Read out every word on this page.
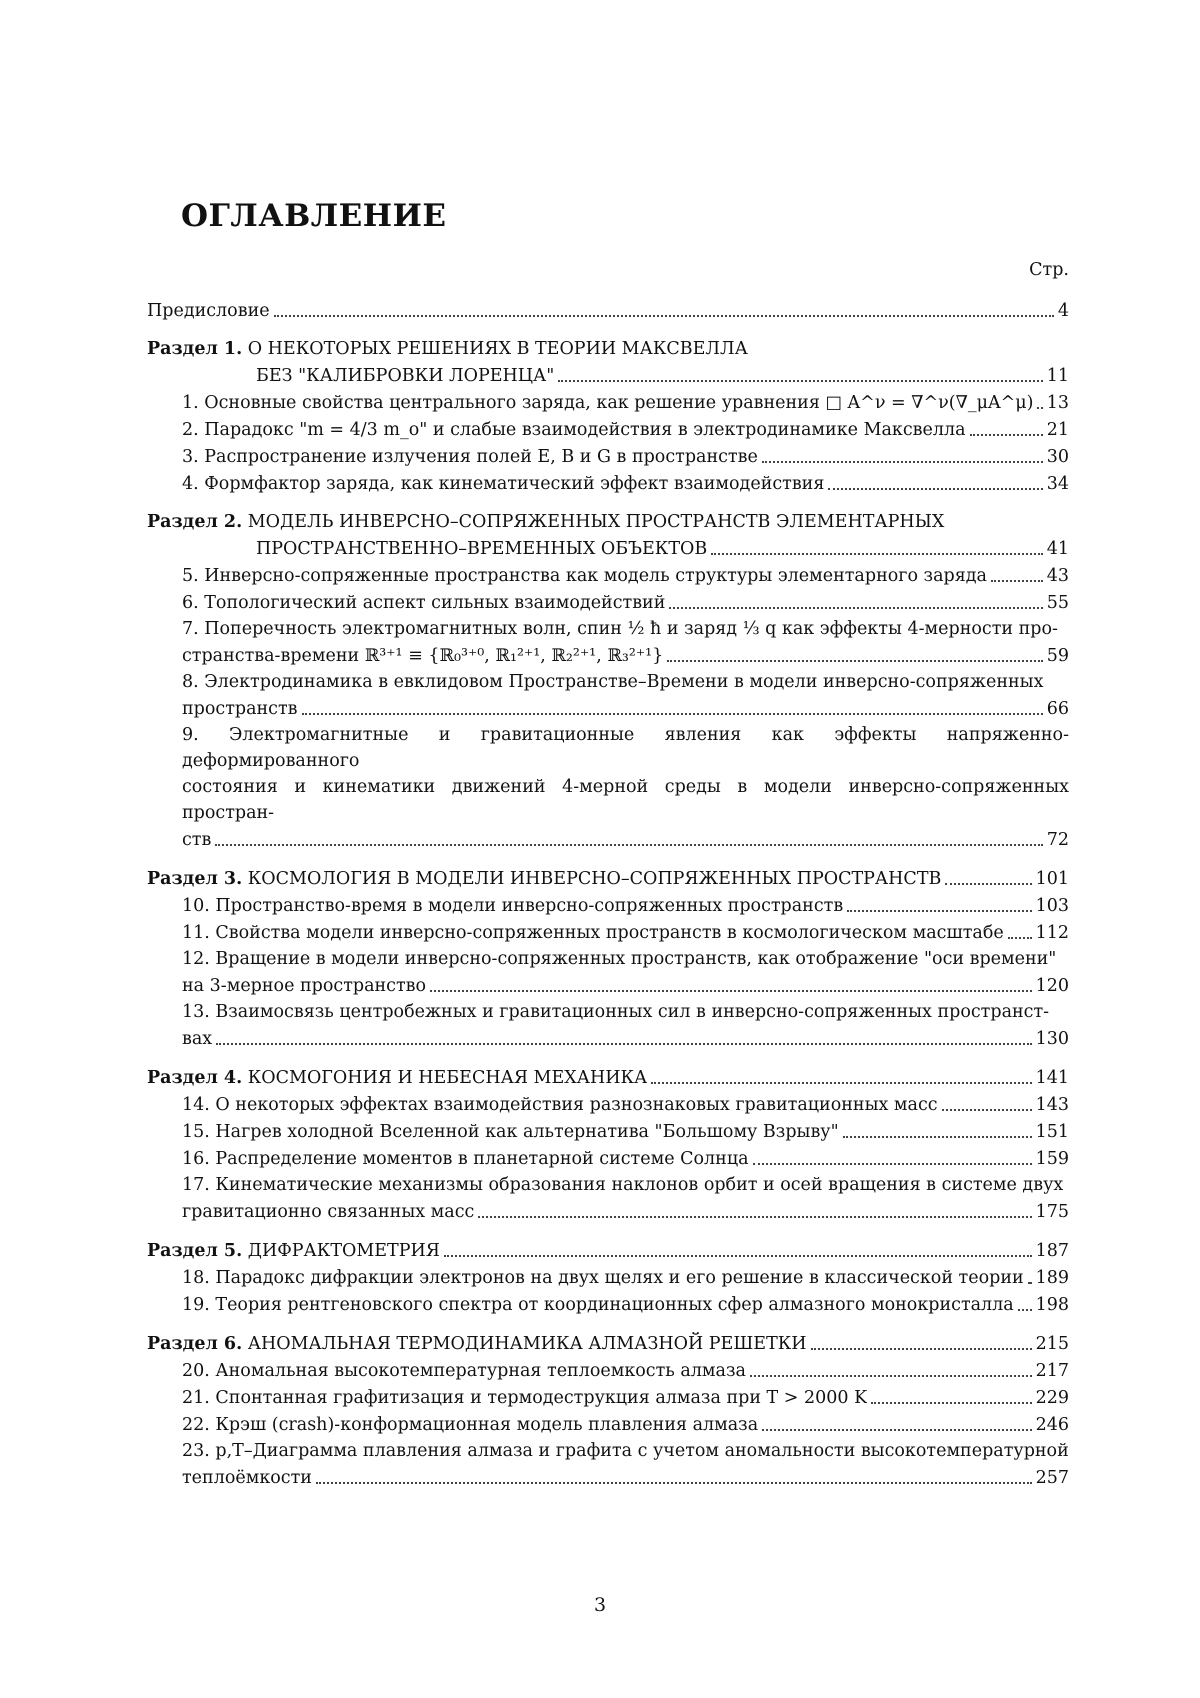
ОГЛАВЛЕНИЕ
Стр.
Предисловие	4
Раздел 1. О НЕКОТОРЫХ РЕШЕНИЯХ В ТЕОРИИ МАКСВЕЛЛА
БЕЗ "КАЛИБРОВКИ ЛОРЕНЦА"	11
1. Основные свойства центрального заряда, как решение уравнения □ A^ν = ∇^ν(∇_μA^μ) 13
2. Парадокс "m = 4/3 m_o" и слабые взаимодействия в электродинамике Максвелла	21
3. Распространение излучения полей E, B и G в пространстве	30
4. Формфактор заряда, как кинематический эффект взаимодействия	34
Раздел 2. МОДЕЛЬ ИНВЕРСНО–СОПРЯЖЕННЫХ ПРОСТРАНСТВ ЭЛЕМЕНТАРНЫХ
ПРОСТРАНСТВЕННО–ВРЕМЕННЫХ ОБЪЕКТОВ	41
5. Инверсно-сопряженные пространства как модель структуры элементарного заряда	43
6. Топологический аспект сильных взаимодействий	55
7. Поперечность электромагнитных волн, спин ½ ħ и заряд ⅓ q как эффекты 4-мерности про-
странства-времени ℝ³⁺¹ ≡ {ℝ₀³⁺⁰, ℝ₁²⁺¹, ℝ₂²⁺¹, ℝ₃²⁺¹}	59
8. Электродинамика в евклидовом Пространстве–Времени в модели инверсно-сопряженных
пространств	66
9. Электромагнитные и гравитационные явления как эффекты напряженно-деформированного
состояния и кинематики движений 4-мерной среды в модели инверсно-сопряженных простран-
ств	72
Раздел 3. КОСМОЛОГИЯ В МОДЕЛИ ИНВЕРСНО–СОПРЯЖЕННЫХ ПРОСТРАНСТВ	101
10. Пространство-время в модели инверсно-сопряженных пространств	103
11. Свойства модели инверсно-сопряженных пространств в космологическом масштабе 112
12. Вращение в модели инверсно-сопряженных пространств, как отображение "оси времени"
на 3-мерное пространство	120
13. Взаимосвязь центробежных и гравитационных сил в инверсно-сопряженных пространст-
вах	130
Раздел 4. КОСМОГОНИЯ И НЕБЕСНАЯ МЕХАНИКА	141
14. О некоторых эффектах взаимодействия разнознаковых гравитационных масс	143
15. Нагрев холодной Вселенной как альтернатива "Большому Взрыву"	151
16. Распределение моментов в планетарной системе Солнца	159
17. Кинематические механизмы образования наклонов орбит и осей вращения в системе двух
гравитационно связанных масс	175
Раздел 5. ДИФРАКТОМЕТРИЯ	187
18. Парадокс дифракции электронов на двух щелях и его решение в классической теории 189
19. Теория рентгеновского спектра от координационных сфер алмазного монокристалла 198
Раздел 6. АНОМАЛЬНАЯ ТЕРМОДИНАМИКА АЛМАЗНОЙ РЕШЕТКИ	215
20. Аномальная высокотемпературная теплоемкость алмаза	217
21. Спонтанная графитизация и термодеструкция алмаза при T > 2000 K	229
22. Крэш (crash)-конформационная модель плавления алмаза	246
23. p,T–Диаграмма плавления алмаза и графита с учетом аномальности высокотемпературной
теплоёмкости	257
3
